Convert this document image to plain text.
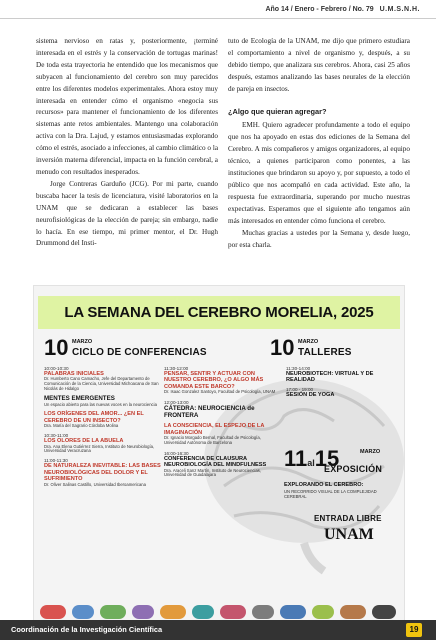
Año 14 / Enero - Febrero / No. 79 U.M.S.N.H.

sistema nervioso en ratas y, posteriormente, ¡terminé interesada en el estrés y la conservación de tortugas marinas! De toda esta trayectoria he entendido que los mecanismos que subyacen al funcionamiento del cerebro son muy parecidos entre los diferentes modelos experimentales. Ahora estoy muy interesada en entender cómo el organismo «negocia sus recursos» para mantener el funcionamiento de los diferentes sistemas ante retos ambientales. Mantengo una colaboración activa con la Dra. Lajud, y estamos entusiasmadas explorando cómo el estrés, asociado a infecciones, al cambio climático o la inversión materna diferencial, impacta en la función cerebral, a menudo con resultados inesperados.

Jorge Contreras Garduño (JCG). Por mi parte, cuando buscaba hacer la tesis de licenciatura, visité laboratorios en la UNAM que se dedicaran a establecer las bases neurofisiológicas de la elección de pareja; sin embargo, nadie lo hacía. En ese tiempo, mi primer mentor, el Dr. Hugh Drummond del Insti-

tuto de Ecología de la UNAM, me dijo que primero estudiara el comportamiento a nivel de organismo y, después, a su debido tiempo, que analizara sus cerebros. Ahora, casi 25 años después, estamos analizando las bases neurales de la elección de pareja en insectos.

¿Algo que quieran agregar?

EMH. Quiero agradecer profundamente a todo el equipo que nos ha apoyado en estas dos ediciones de la Semana del Cerebro. A mis compañeros y amigos organizadores, al equipo técnico, a quienes participaron como ponentes, a las instituciones que brindaron su apoyo y, por supuesto, a todo el público que nos acompañó en cada actividad. Este año, la respuesta fue extraordinaria, superando por mucho nuestras expectativas. Esperamos que el siguiente año tengamos aún más interesados en entender cómo funciona el cerebro.

Muchas gracias a ustedes por la Semana y, desde luego, por esta charla.

LA SEMANA DEL CEREBRO MORELIA, 2025
10 MARZO
CICLO DE CONFERENCIAS	10 MARZO
TALLERES
10:00-10:30
PALABRAS INICIALES
Dr. Humberto Cano Camacho, Jefe del Departamento de Comunicación de la Ciencia, Universidad Michoacana de San Nicolás de Hidalgo
MENTES EMERGENTES
Un espacio abierto para las nuevas voces en la neurociencia
LOS ORÍGENES DEL AMOR... ¿EN EL CEREBRO DE UN INSECTO?
Dra. María del Sagrario Córdoba Molina
10:30-11:00
LOS OLORES DE LA ABUELA
Dra. Ana Elena Gutiérrez Sierra, Instituto de Neurobiología, Universidad Veracruzana
11:00-11:30
DE NATURALEZA INEVITABLE: LAS BASES NEUROBIOLÓGICAS DEL DOLOR Y EL SUFRIMIENTO
Dr. Oliver Salinas Castillo, Universidad Iberoamericana
11:30-12:00
PENSAR, SENTIR Y ACTUAR CON NUESTRO CEREBRO, ¿O ALGO MÁS COMANDA ESTE BARCO?
Dr. Isaac Gonzalez Santoyo, Facultad de Psicología, UNAM
12:00-13:00
CÁTEDRA: NEUROCIENCIA de FRONTERA
LA CONSCIENCIA, EL ESPEJO DE LA IMAGINACIÓN
Dr. Ignacio Morgado Bernal, Facultad de Psicología, Universidad Autónoma de Barcelona
16:00-16:30
CONFERENCIA DE CLAUSURA NEUROBIOLOGÍA DEL MINDFULNESS
Dra. Araceli Sanz Martín, Instituto de Neurociencias, Universidad de Guadalajara
11:30-14:00
NEUROBIOTECH: VIRTUAL Y DE REALIDAD
17:00 - 19:00
SESIÓN DE YOGA
11al15	MARZO
EXPOSICIÓN
EXPLORANDO EL CEREBRO:
UN RECORRIDO VISUAL DE LA COMPLEJIDAD CEREBRAL
ENTRADA LIBRE
UNAM
Coordinación de la Investigación Científica	19
